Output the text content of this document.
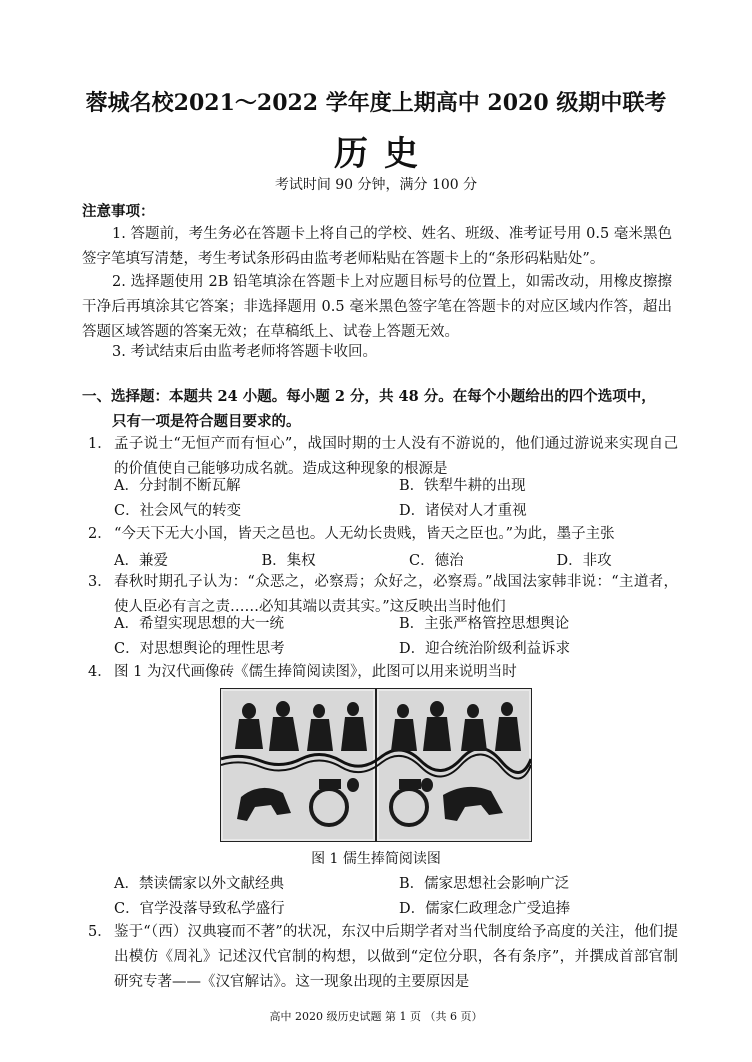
蓉城名校2021～2022 学年度上期高中 2020 级期中联考
历史
考试时间 90 分钟，满分 100 分
注意事项：
1. 答题前，考生务必在答题卡上将自己的学校、姓名、班级、准考证号用 0.5 毫米黑色签字笔填写清楚，考生考试条形码由监考老师粘贴在答题卡上的“条形码粘贴处”。
2. 选择题使用 2B 铅笔填涂在答题卡上对应题目标号的位置上，如需改动，用橡皮擦擦干净后再填涂其它答案；非选择题用 0.5 毫米黑色签字笔在答题卡的对应区域内作答，超出答题区域答题的答案无效；在草稿纸上、试卷上答题无效。
3. 考试结束后由监考老师将答题卡收回。
一、选择题：本题共 24 小题。每小题 2 分，共 48 分。在每个小题给出的四个选项中，
只有一项是符合题目要求的。
1． 孟子说士“无恒产而有恒心”，战国时期的士人没有不游说的，他们通过游说来实现自己的价值使自己能够功成名就。造成这种现象的根源是
A．分封制不断瓦解	B．铁犁牛耕的出现
C．社会风气的转变	D．诸侯对人才重视
2． “今天下无大小国，皆天之邑也。人无幼长贵贱，皆天之臣也。”为此，墨子主张
A．兼爱	B．集权	C．德治	D．非攻
3． 春秋时期孔子认为：“众恶之，必察焉；众好之，必察焉。”战国法家韩非说：“主道者，使人臣必有言之责……必知其端以责其实。”这反映出当时他们
A．希望实现思想的大一统	B．主张严格管控思想舆论
C．对思想舆论的理性思考	D．迎合统治阶级利益诉求
4． 图 1 为汉代画像砖《儒生捧简阅读图》，此图可以用来说明当时
图 1 儒生捧简阅读图
A．禁读儒家以外文献经典	B．儒家思想社会影响广泛
C．官学没落导致私学盛行	D．儒家仁政理念广受追捧
5． 鉴于“（西）汉典寝而不著”的状况，东汉中后期学者对当代制度给予高度的关注，他们提出模仿《周礼》记述汉代官制的构想，以做到“定位分职，各有条序”，并撰成首部官制研究专著——《汉官解诂》。这一现象出现的主要原因是
高中 2020 级历史试题 第 1 页 （共 6 页）
